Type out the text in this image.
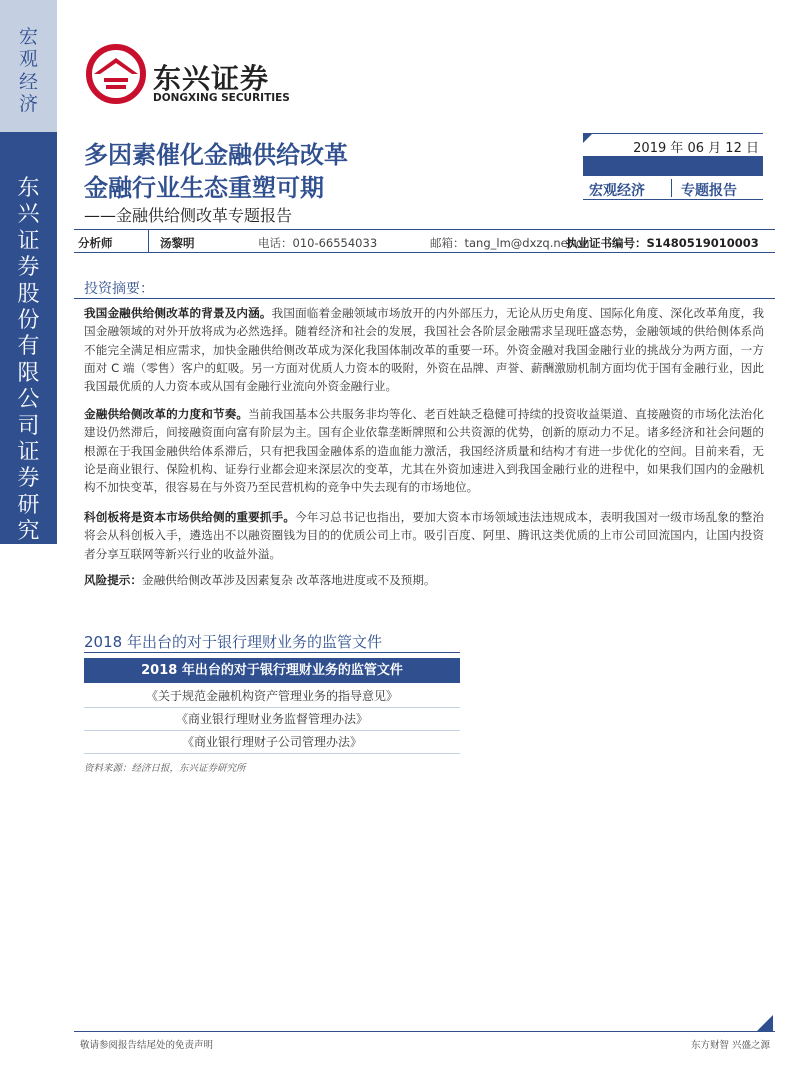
宏
观
经
济
东
兴
证
券
股
份
有
限
公
司
证
券
研
究
报
告
东兴证券
DONGXING SECURITIES
多因素催化金融供给改革
金融行业生态重塑可期
——金融供给侧改革专题报告
2019 年 06 月 12 日
宏观经济	专题报告
分析师	汤黎明	电话：010-66554033	邮箱：tang_lm@dxzq.net.cn
执业证书编号：S1480519010003
投资摘要：
我国金融供给侧改革的背景及内涵。我国面临着金融领域市场放开的内外部压力，无论从历史角度、国际化角度、深化改革角度，我国金融领域的对外开放将成为必然选择。随着经济和社会的发展，我国社会各阶层金融需求呈现旺盛态势，金融领域的供给侧体系尚不能完全满足相应需求，加快金融供给侧改革成为深化我国体制改革的重要一环。外资金融对我国金融行业的挑战分为两方面，一方面对 C 端（零售）客户的虹吸。另一方面对优质人力资本的吸附，外资在品牌、声誉、薪酬激励机制方面均优于国有金融行业，因此我国最优质的人力资本或从国有金融行业流向外资金融行业。
金融供给侧改革的力度和节奏。当前我国基本公共服务非均等化、老百姓缺乏稳健可持续的投资收益渠道、直接融资的市场化法治化建设仍然滞后，间接融资面向富有阶层为主。国有企业依靠垄断牌照和公共资源的优势，创新的原动力不足。诸多经济和社会问题的根源在于我国金融供给体系滞后，只有把我国金融体系的造血能力激活，我国经济质量和结构才有进一步优化的空间。目前来看，无论是商业银行、保险机构、证券行业都会迎来深层次的变革，尤其在外资加速进入到我国金融行业的进程中，如果我们国内的金融机构不加快变革，很容易在与外资乃至民营机构的竞争中失去现有的市场地位。
科创板将是资本市场供给侧的重要抓手。今年习总书记也指出，要加大资本市场领域违法违规成本，表明我国对一级市场乱象的整治将会从科创板入手，遴选出不以融资圈钱为目的的优质公司上市。吸引百度、阿里、腾讯这类优质的上市公司回流国内，让国内投资者分享互联网等新兴行业的收益外溢。
风险提示：金融供给侧改革涉及因素复杂 改革落地进度或不及预期。
2018 年出台的对于银行理财业务的监管文件
2018 年出台的对于银行理财业务的监管文件
《关于规范金融机构资产管理业务的指导意见》
《商业银行理财业务监督管理办法》
《商业银行理财子公司管理办法》
资料来源：经济日报，东兴证券研究所
敬请参阅报告结尾处的免责声明	东方财智 兴盛之源
